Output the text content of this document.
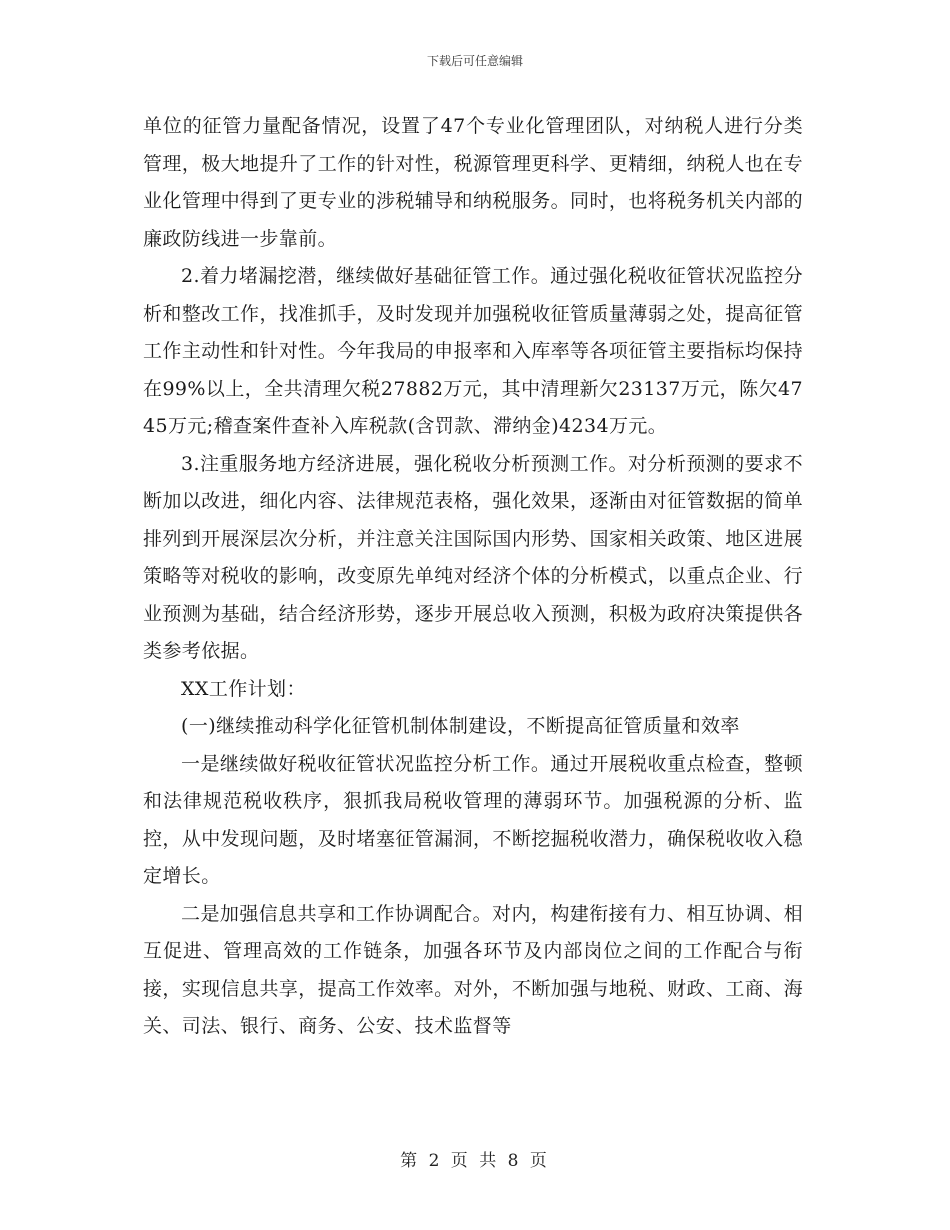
下载后可任意编辑

单位的征管力量配备情况，设置了47个专业化管理团队，对纳税人进行分类管理，极大地提升了工作的针对性，税源管理更科学、更精细，纳税人也在专业化管理中得到了更专业的涉税辅导和纳税服务。同时，也将税务机关内部的廉政防线进一步靠前。

2.着力堵漏挖潜，继续做好基础征管工作。通过强化税收征管状况监控分析和整改工作，找准抓手，及时发现并加强税收征管质量薄弱之处，提高征管工作主动性和针对性。今年我局的申报率和入库率等各项征管主要指标均保持在99%以上，全共清理欠税27882万元，其中清理新欠23137万元，陈欠4745万元;稽查案件查补入库税款(含罚款、滞纳金)4234万元。

3.注重服务地方经济进展，强化税收分析预测工作。对分析预测的要求不断加以改进，细化内容、法律规范表格，强化效果，逐渐由对征管数据的简单排列到开展深层次分析，并注意关注国际国内形势、国家相关政策、地区进展策略等对税收的影响，改变原先单纯对经济个体的分析模式，以重点企业、行业预测为基础，结合经济形势，逐步开展总收入预测，积极为政府决策提供各类参考依据。

XX工作计划：

(一)继续推动科学化征管机制体制建设，不断提高征管质量和效率

一是继续做好税收征管状况监控分析工作。通过开展税收重点检查，整顿和法律规范税收秩序，狠抓我局税收管理的薄弱环节。加强税源的分析、监控，从中发现问题，及时堵塞征管漏洞，不断挖掘税收潜力，确保税收收入稳定增长。

二是加强信息共享和工作协调配合。对内，构建衔接有力、相互协调、相互促进、管理高效的工作链条，加强各环节及内部岗位之间的工作配合与衔接，实现信息共享，提高工作效率。对外，不断加强与地税、财政、工商、海关、司法、银行、商务、公安、技术监督等

第 2 页 共 8 页
